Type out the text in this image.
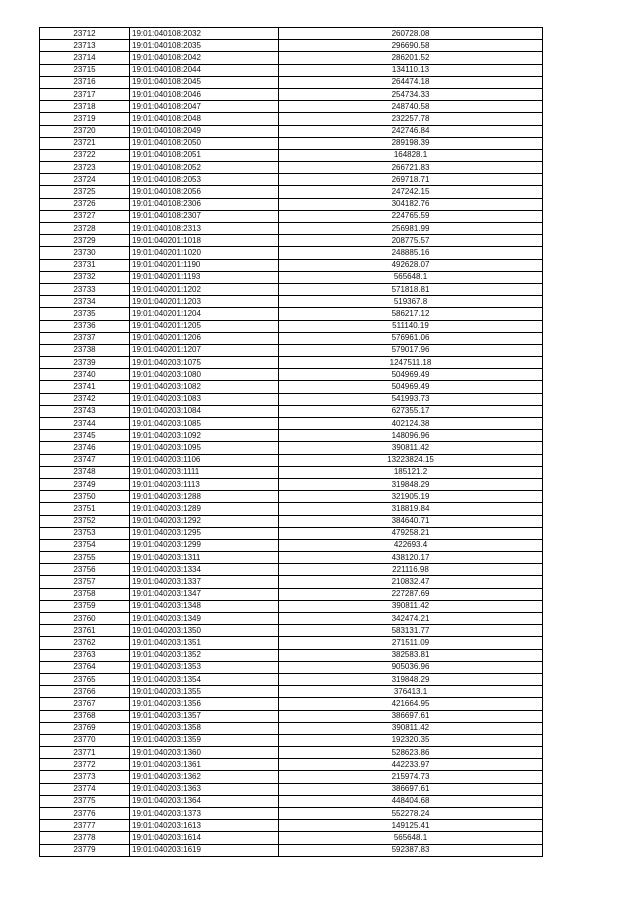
23712	19:01:040108:2032	260728.08
23713	19:01:040108:2035	296690.58
23714	19:01:040108:2042	286201.52
23715	19:01:040108:2044	134110.13
23716	19:01:040108:2045	264474.18
23717	19:01:040108:2046	254734.33
23718	19:01:040108:2047	248740.58
23719	19:01:040108:2048	232257.78
23720	19:01:040108:2049	242746.84
23721	19:01:040108:2050	289198.39
23722	19:01:040108:2051	164828.1
23723	19:01:040108:2052	266721.83
23724	19:01:040108:2053	269718.71
23725	19:01:040108:2056	247242.15
23726	19:01:040108:2306	304182.76
23727	19:01:040108:2307	224765.59
23728	19:01:040108:2313	256981.99
23729	19:01:040201:1018	208775.57
23730	19:01:040201:1020	248885.16
23731	19:01:040201:1190	492628.07
23732	19:01:040201:1193	565648.1
23733	19:01:040201:1202	571818.81
23734	19:01:040201:1203	519367.8
23735	19:01:040201:1204	586217.12
23736	19:01:040201:1205	511140.19
23737	19:01:040201:1206	576961.06
23738	19:01:040201:1207	579017.96
23739	19:01:040203:1075	1247511.18
23740	19:01:040203:1080	504969.49
23741	19:01:040203:1082	504969.49
23742	19:01:040203:1083	541993.73
23743	19:01:040203:1084	627355.17
23744	19:01:040203:1085	402124.38
23745	19:01:040203:1092	148096.96
23746	19:01:040203:1095	390811.42
23747	19:01:040203:1106	13223824.15
23748	19:01:040203:1111	185121.2
23749	19:01:040203:1113	319848.29
23750	19:01:040203:1288	321905.19
23751	19:01:040203:1289	318819.84
23752	19:01:040203:1292	384640.71
23753	19:01:040203:1295	479258.21
23754	19:01:040203:1299	422693.4
23755	19:01:040203:1311	438120.17
23756	19:01:040203:1334	221116.98
23757	19:01:040203:1337	210832.47
23758	19:01:040203:1347	227287.69
23759	19:01:040203:1348	390811.42
23760	19:01:040203:1349	342474.21
23761	19:01:040203:1350	583131.77
23762	19:01:040203:1351	271511.09
23763	19:01:040203:1352	382583.81
23764	19:01:040203:1353	905036.96
23765	19:01:040203:1354	319848.29
23766	19:01:040203:1355	376413.1
23767	19:01:040203:1356	421664.95
23768	19:01:040203:1357	386697.61
23769	19:01:040203:1358	390811.42
23770	19:01:040203:1359	192320.35
23771	19:01:040203:1360	528623.86
23772	19:01:040203:1361	442233.97
23773	19:01:040203:1362	215974.73
23774	19:01:040203:1363	386697.61
23775	19:01:040203:1364	448404.68
23776	19:01:040203:1373	552278.24
23777	19:01:040203:1613	149125.41
23778	19:01:040203:1614	565648.1
23779	19:01:040203:1619	592387.83
